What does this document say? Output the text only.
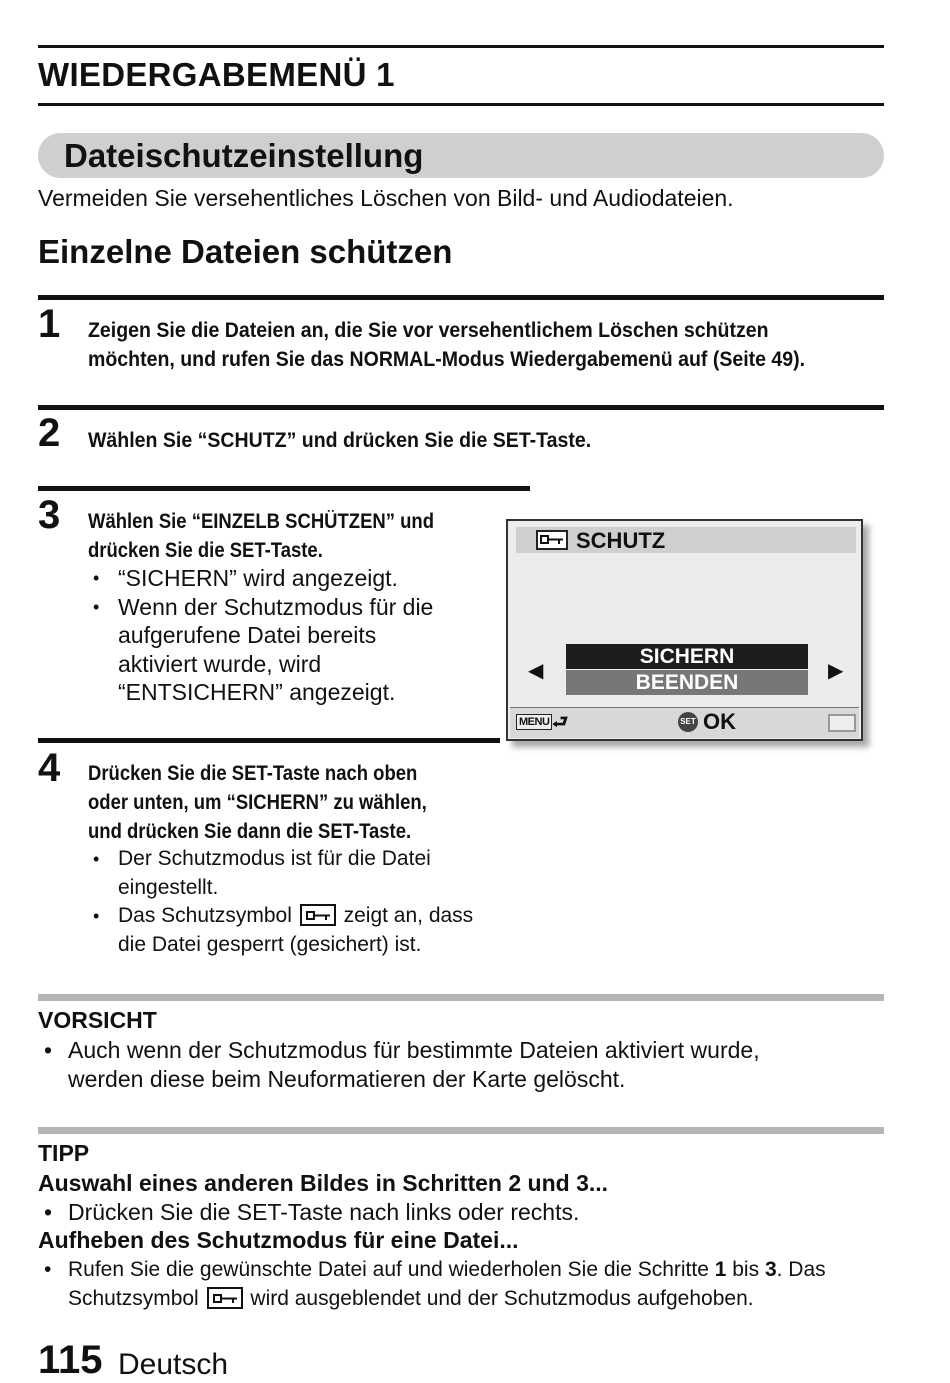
WIEDERGABEMENÜ 1
Dateischutzeinstellung
Vermeiden Sie versehentliches Löschen von Bild- und Audiodateien.
Einzelne Dateien schützen
1 Zeigen Sie die Dateien an, die Sie vor versehentlichem Löschen schützen
möchten, und rufen Sie das NORMAL-Modus Wiedergabemenü auf (Seite 49).
2 Wählen Sie “SCHUTZ” und drücken Sie die SET-Taste.
3 Wählen Sie “EINZELB SCHÜTZEN” und
drücken Sie die SET-Taste.
• “SICHERN” wird angezeigt.
• Wenn der Schutzmodus für die
aufgerufene Datei bereits
aktiviert wurde, wird
“ENTSICHERN” angezeigt.
SCHUTZ
◀
SICHERN
BEENDEN	▶
MENU ⮐	SET OK
4 Drücken Sie die SET-Taste nach oben
oder unten, um “SICHERN” zu wählen,
und drücken Sie dann die SET-Taste.
• Der Schutzmodus ist für die Datei
eingestellt.
• Das Schutzsymbol zeigt an, dass
die Datei gesperrt (gesichert) ist.
VORSICHT
• Auch wenn der Schutzmodus für bestimmte Dateien aktiviert wurde,
werden diese beim Neuformatieren der Karte gelöscht.
TIPP
Auswahl eines anderen Bildes in Schritten 2 und 3...
• Drücken Sie die SET-Taste nach links oder rechts.
Aufheben des Schutzmodus für eine Datei...
• Rufen Sie die gewünschte Datei auf und wiederholen Sie die Schritte 1 bis 3. Das
Schutzsymbol wird ausgeblendet und der Schutzmodus aufgehoben.
115 Deutsch
